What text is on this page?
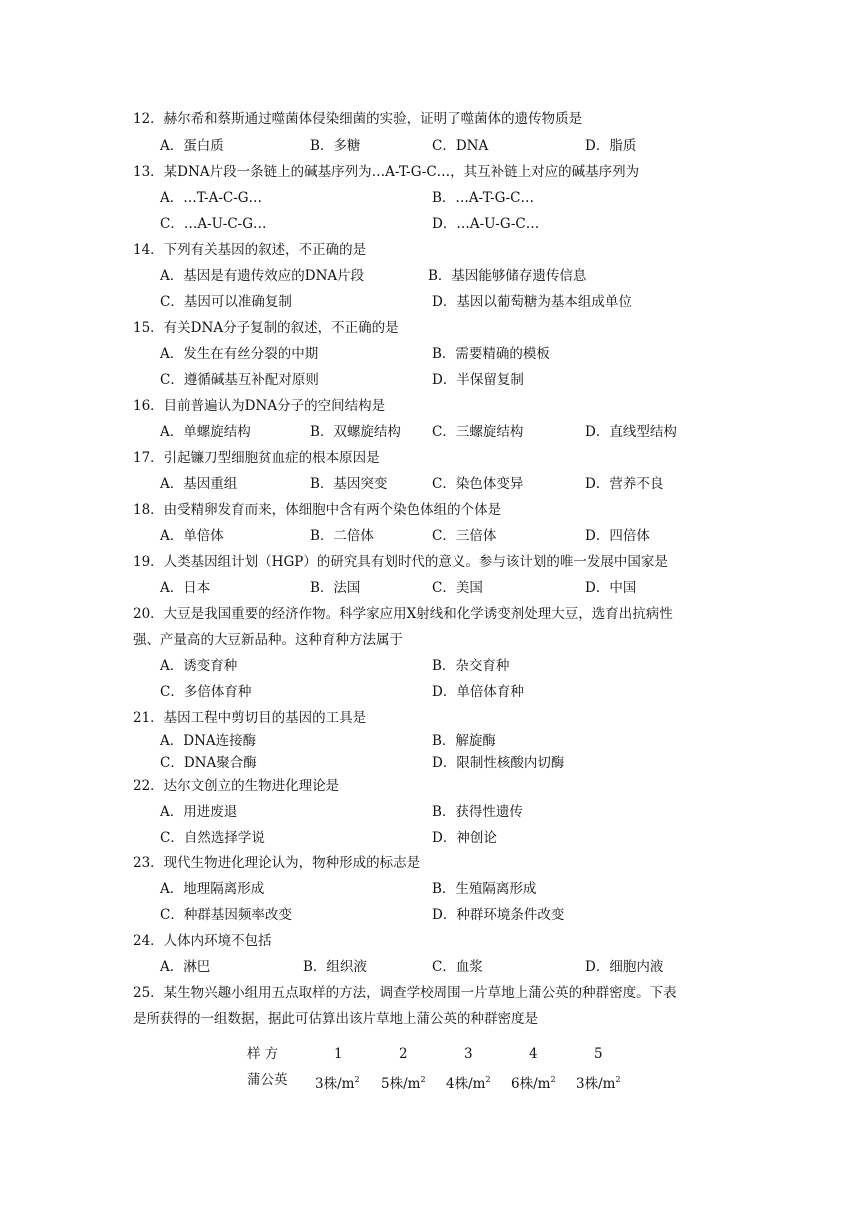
12．赫尔希和蔡斯通过噬菌体侵染细菌的实验，证明了噬菌体的遗传物质是
A．蛋白质	B．多糖	C．DNA	D．脂质
13．某DNA片段一条链上的碱基序列为…A-T-G-C…，其互补链上对应的碱基序列为
A．…T-A-C-G…	B．…A-T-G-C…
C．…A-U-C-G…	D．…A-U-G-C…
14．下列有关基因的叙述，不正确的是
A．基因是有遗传效应的DNA片段	B．基因能够储存遗传信息
C．基因可以准确复制	D．基因以葡萄糖为基本组成单位
15．有关DNA分子复制的叙述，不正确的是
A．发生在有丝分裂的中期	B．需要精确的模板
C．遵循碱基互补配对原则	D．半保留复制
16．目前普遍认为DNA分子的空间结构是
A．单螺旋结构	B．双螺旋结构 C．三螺旋结构	D．直线型结构
17．引起镰刀型细胞贫血症的根本原因是
A．基因重组	B．基因突变	C．染色体变异	D．营养不良
18．由受精卵发育而来，体细胞中含有两个染色体组的个体是
A．单倍体	B．二倍体	C．三倍体	D．四倍体
19．人类基因组计划（HGP）的研究具有划时代的意义。参与该计划的唯一发展中国家是
A．日本	B．法国	C．美国	D．中国
20．大豆是我国重要的经济作物。科学家应用X射线和化学诱变剂处理大豆，选育出抗病性
强、产量高的大豆新品种。这种育种方法属于
A．诱变育种	B．杂交育种
C．多倍体育种	D．单倍体育种
21．基因工程中剪切目的基因的工具是
A．DNA连接酶	B．解旋酶
C．DNA聚合酶	D．限制性核酸内切酶
22．达尔文创立的生物进化理论是
A．用进废退	B．获得性遗传
C．自然选择学说	D．神创论
23．现代生物进化理论认为，物种形成的标志是
A．地理隔离形成	B．生殖隔离形成
C．种群基因频率改变	D．种群环境条件改变
24．人体内环境不包括
A．淋巴	B．组织液	C．血浆	D．细胞内液
25．某生物兴趣小组用五点取样的方法，调查学校周围一片草地上蒲公英的种群密度。下表
是所获得的一组数据，据此可估算出该片草地上蒲公英的种群密度是
样 方	1	2	3	4	5
蒲公英 3株$/m^2$ 5株$/m^2$ 4株$/m^2$ 6株$/m^2$ 3株$/m^2$
